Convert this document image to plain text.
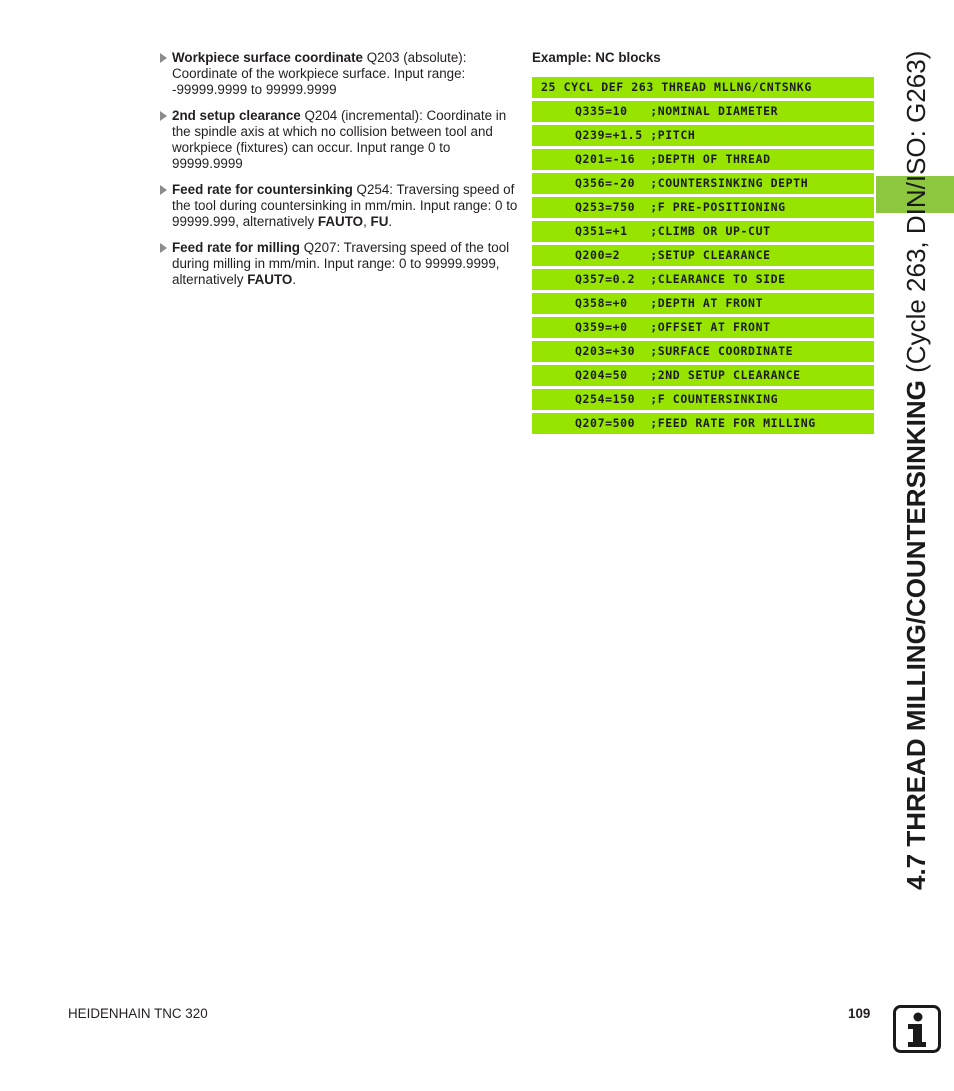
Workpiece surface coordinate Q203 (absolute): Coordinate of the workpiece surface. Input range: -99999.9999 to 99999.9999
2nd setup clearance Q204 (incremental): Coordinate in the spindle axis at which no collision between tool and workpiece (fixtures) can occur. Input range 0 to 99999.9999
Feed rate for countersinking Q254: Traversing speed of the tool during countersinking in mm/min. Input range: 0 to 99999.999, alternatively FAUTO, FU.
Feed rate for milling Q207: Traversing speed of the tool during milling in mm/min. Input range: 0 to 99999.9999, alternatively FAUTO.
Example: NC blocks
25 CYCL DEF 263 THREAD MLLNG/CNTSNKG
Q335=10   ;NOMINAL DIAMETER
Q239=+1.5 ;PITCH
Q201=-16  ;DEPTH OF THREAD
Q356=-20  ;COUNTERSINKING DEPTH
Q253=750  ;F PRE-POSITIONING
Q351=+1   ;CLIMB OR UP-CUT
Q200=2    ;SETUP CLEARANCE
Q357=0.2  ;CLEARANCE TO SIDE
Q358=+0   ;DEPTH AT FRONT
Q359=+0   ;OFFSET AT FRONT
Q203=+30  ;SURFACE COORDINATE
Q204=50   ;2ND SETUP CLEARANCE
Q254=150  ;F COUNTERSINKING
Q207=500  ;FEED RATE FOR MILLING	4.7 THREAD MILLING/COUNTERSINKING (Cycle 263, DIN/ISO: G263)
HEIDENHAIN TNC 320	109
